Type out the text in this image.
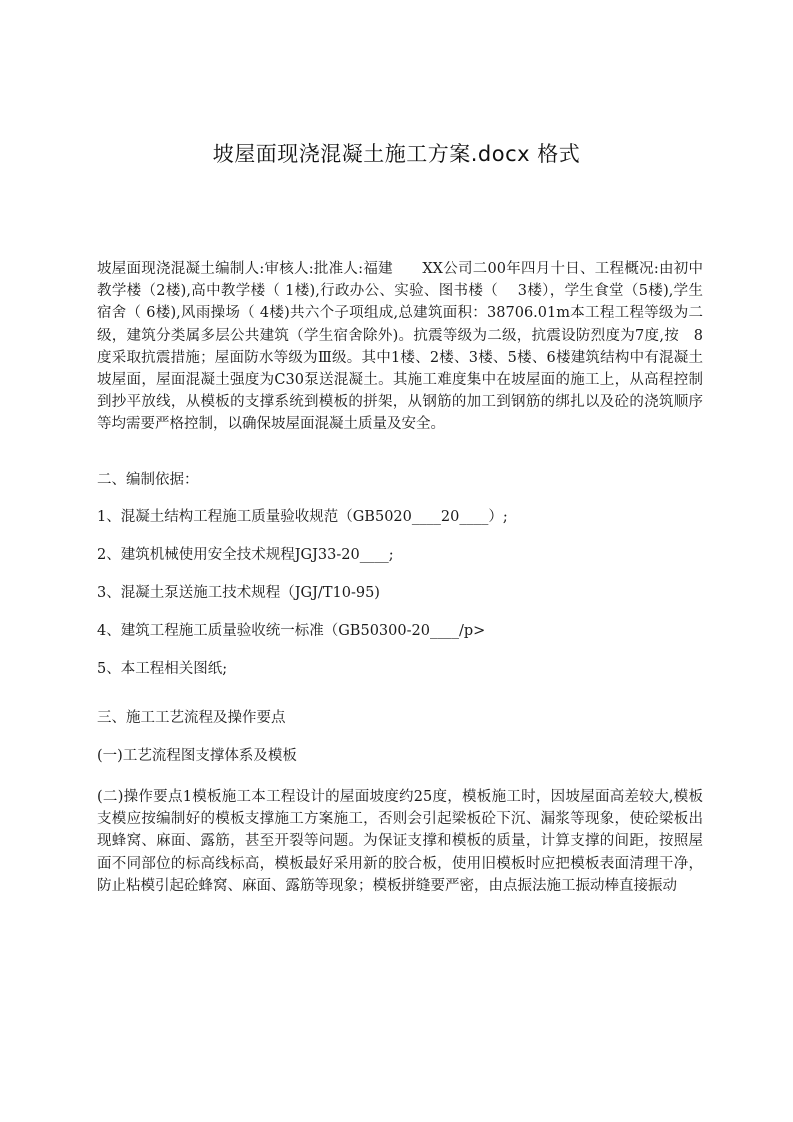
坡屋面现浇混凝土施工方案.docx 格式
坡屋面现浇混凝土编制人:审核人:批准人:福建　　XX公司二00年四月十日、工程概况:由初中教学楼（2楼),高中教学楼（ 1楼),行政办公、实验、图书楼（　 3楼），学生食堂（5楼),学生宿舍（ 6楼),风雨操场（ 4楼)共六个子项组成,总建筑面积：38706.01m本工程工程等级为二级，建筑分类属多层公共建筑（学生宿舍除外)。抗震等级为二级，抗震设防烈度为7度,按　8度采取抗震措施；屋面防水等级为Ⅲ级。其中1楼、2楼、3楼、5楼、6楼建筑结构中有混凝土坡屋面，屋面混凝土强度为C30泵送混凝土。其施工难度集中在坡屋面的施工上，从高程控制到抄平放线，从模板的支撑系统到模板的拼架，从钢筋的加工到钢筋的绑扎以及砼的浇筑顺序等均需要严格控制，以确保坡屋面混凝土质量及安全。
二、编制依据：
1、混凝土结构工程施工质量验收规范（GB5020____20____）;
2、建筑机械使用安全技术规程JGJ33-20____;
3、混凝土泵送施工技术规程（JGJ/T10-95)
4、建筑工程施工质量验收统一标准（GB50300-20____/p>
5、本工程相关图纸;
三、施工工艺流程及操作要点
(一)工艺流程图支撑体系及模板
(二)操作要点1模板施工本工程设计的屋面坡度约25度，模板施工时，因坡屋面高差较大,模板支模应按编制好的模板支撑施工方案施工，否则会引起梁板砼下沉、漏浆等现象，使砼梁板出现蜂窝、麻面、露筋，甚至开裂等问题。为保证支撑和模板的质量，计算支撑的间距，按照屋面不同部位的标高线标高，模板最好采用新的胶合板，使用旧模板时应把模板表面清理干净，防止粘模引起砼蜂窝、麻面、露筋等现象；模板拼缝要严密，由点振法施工振动棒直接振动
